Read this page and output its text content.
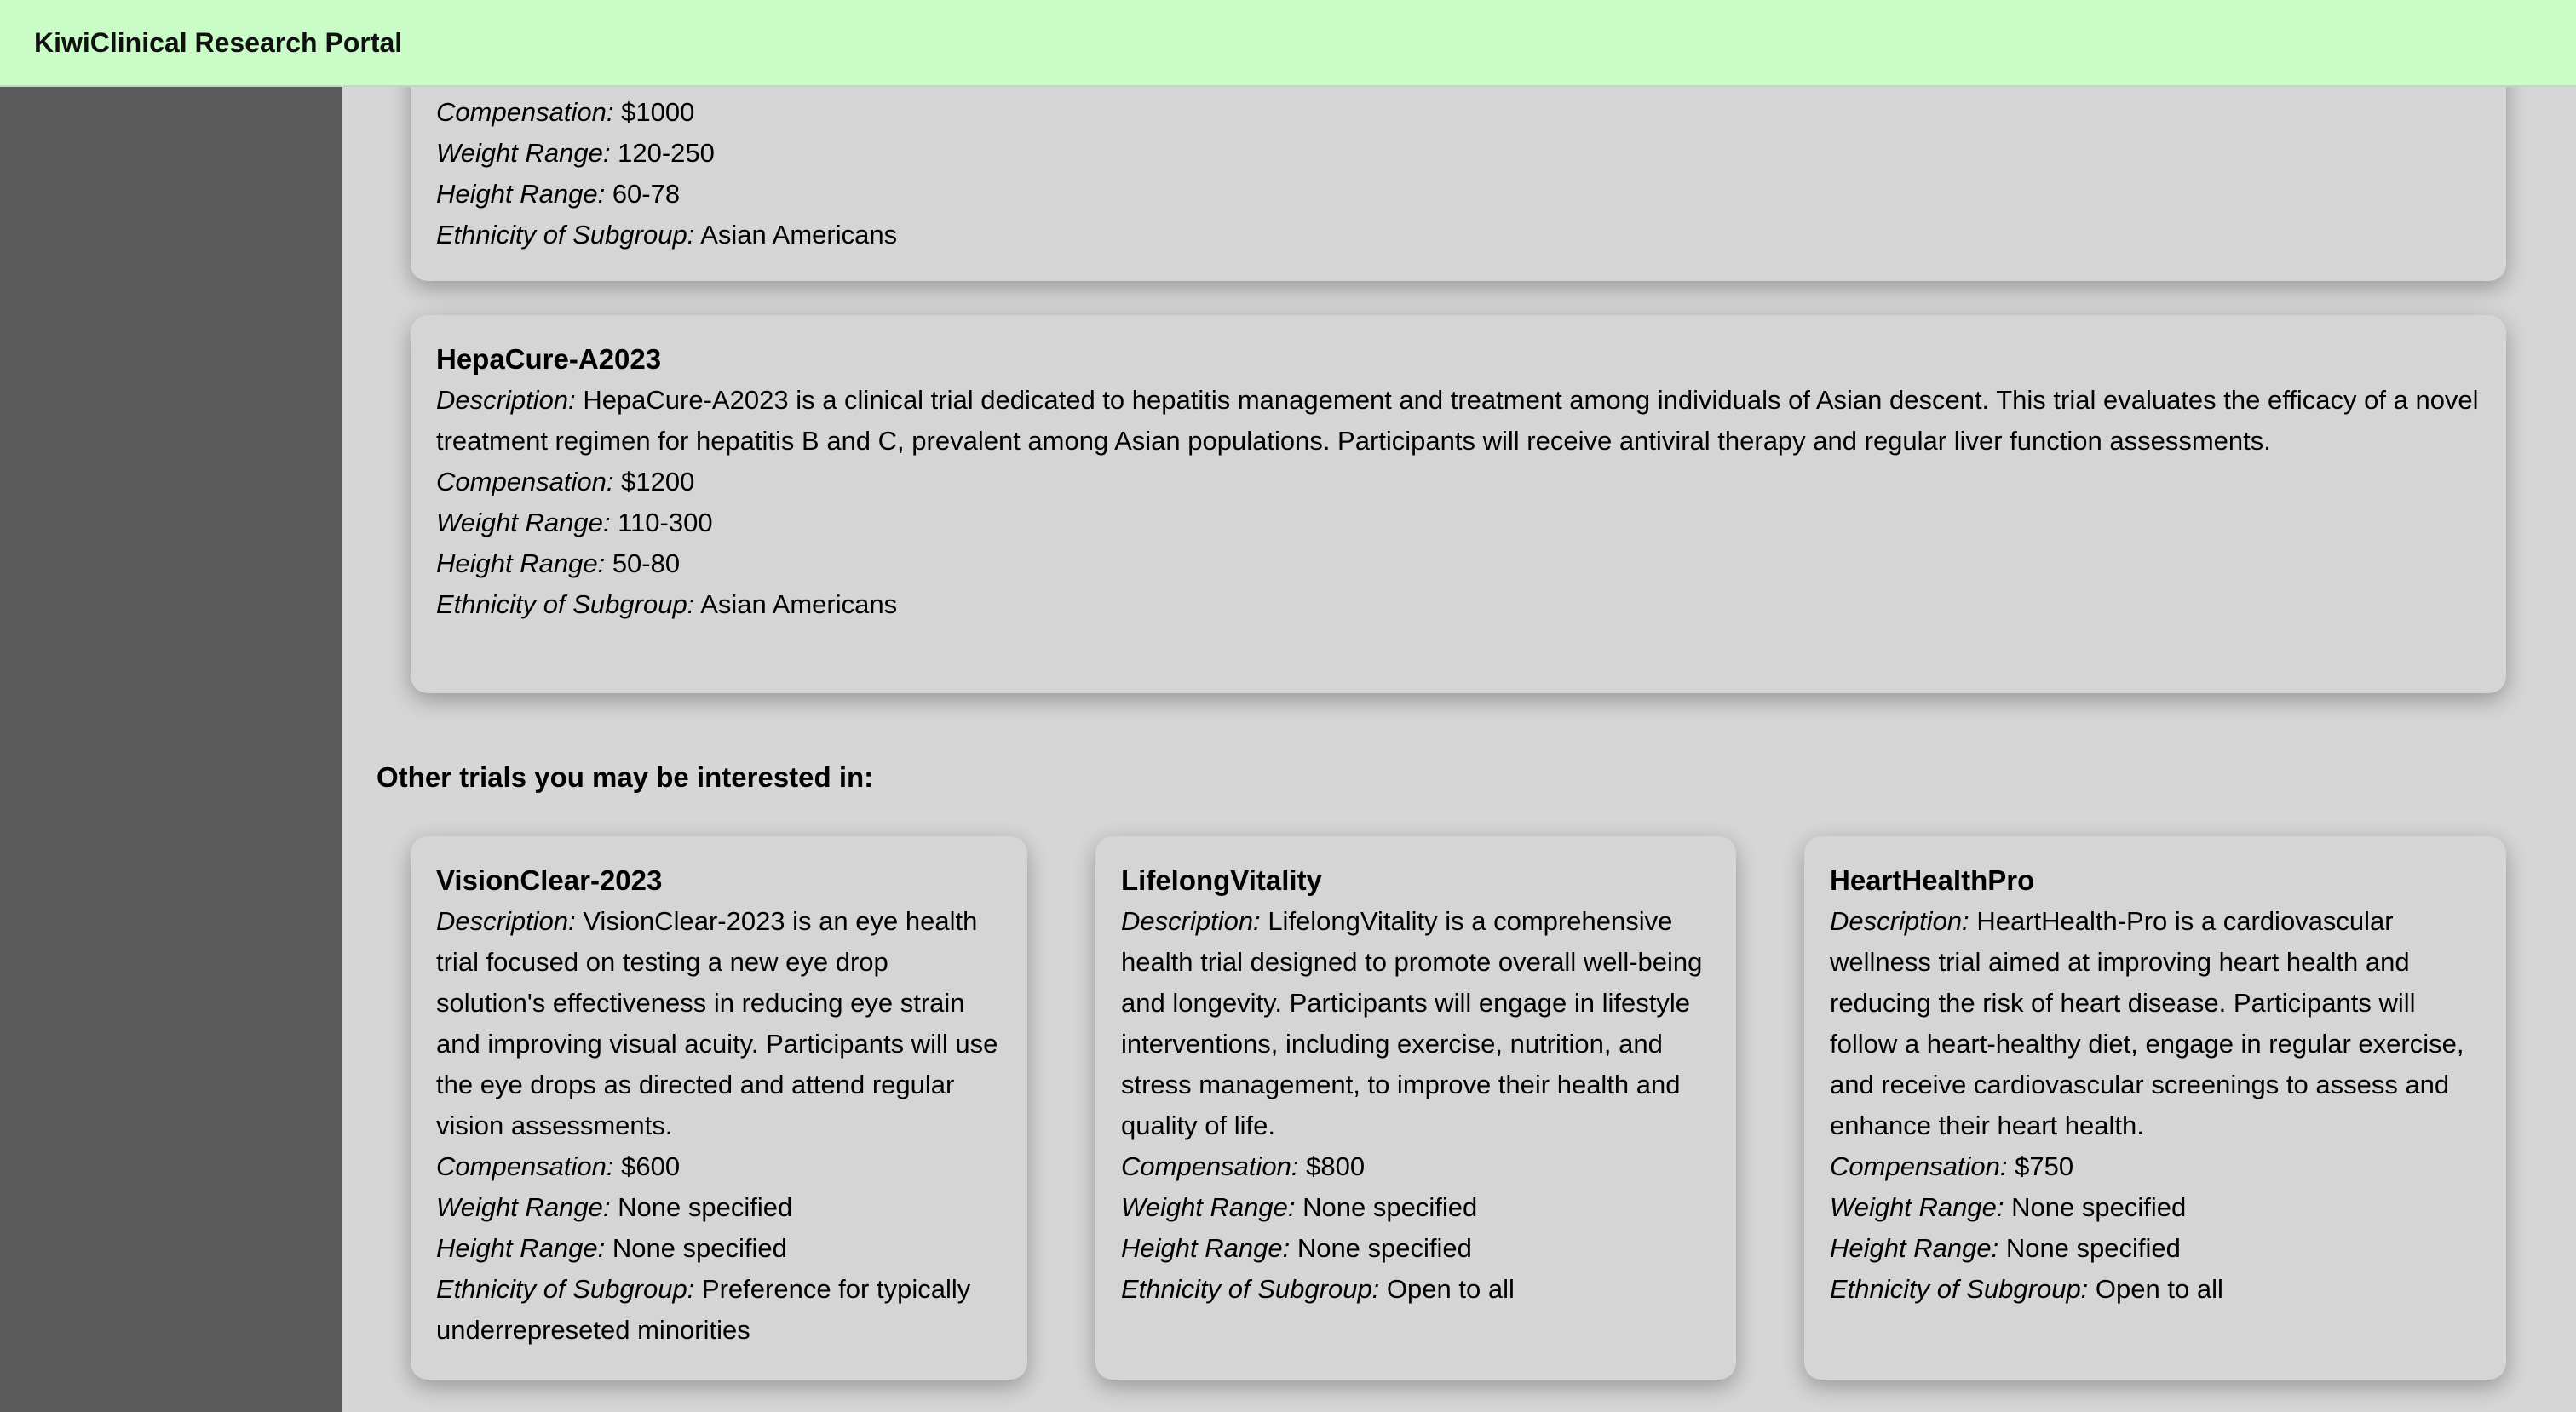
KiwiClinical Research Portal
Compensation: $1000
Weight Range: 120-250
Height Range: 60-78
Ethnicity of Subgroup: Asian Americans
HepaCure-A2023
Description: HepaCure-A2023 is a clinical trial dedicated to hepatitis management and treatment among individuals of Asian descent. This trial evaluates the efficacy of a novel treatment regimen for hepatitis B and C, prevalent among Asian populations. Participants will receive antiviral therapy and regular liver function assessments.
Compensation: $1200
Weight Range: 110-300
Height Range: 50-80
Ethnicity of Subgroup: Asian Americans
Other trials you may be interested in:
VisionClear-2023
Description: VisionClear-2023 is an eye health trial focused on testing a new eye drop solution's effectiveness in reducing eye strain and improving visual acuity. Participants will use the eye drops as directed and attend regular vision assessments.
Compensation: $600
Weight Range: None specified
Height Range: None specified
Ethnicity of Subgroup: Preference for typically underrepreseted minorities
LifelongVitality
Description: LifelongVitality is a comprehensive health trial designed to promote overall well-being and longevity. Participants will engage in lifestyle interventions, including exercise, nutrition, and stress management, to improve their health and quality of life.
Compensation: $800
Weight Range: None specified
Height Range: None specified
Ethnicity of Subgroup: Open to all
HeartHealthPro
Description: HeartHealth-Pro is a cardiovascular wellness trial aimed at improving heart health and reducing the risk of heart disease. Participants will follow a heart-healthy diet, engage in regular exercise, and receive cardiovascular screenings to assess and enhance their heart health.
Compensation: $750
Weight Range: None specified
Height Range: None specified
Ethnicity of Subgroup: Open to all
